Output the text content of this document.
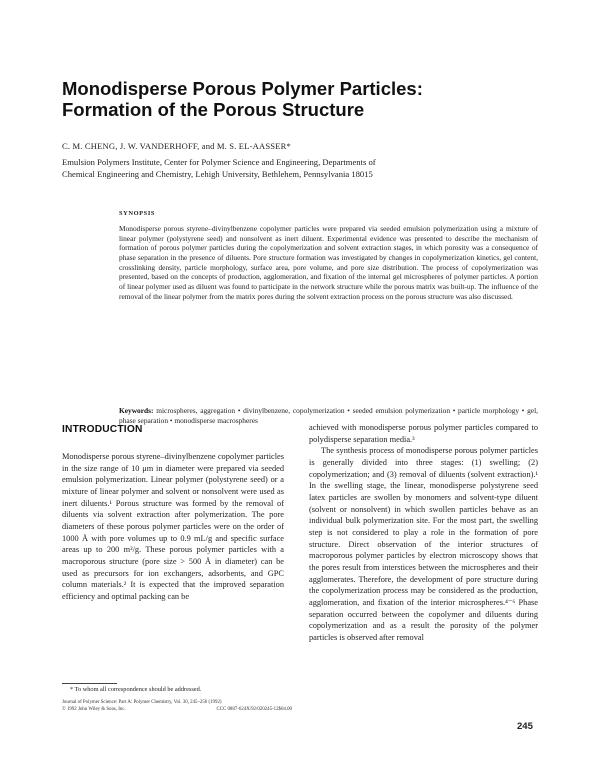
Monodisperse Porous Polymer Particles:
Formation of the Porous Structure
C. M. CHENG, J. W. VANDERHOFF, and M. S. EL-AASSER*
Emulsion Polymers Institute, Center for Polymer Science and Engineering, Departments of
Chemical Engineering and Chemistry, Lehigh University, Bethlehem, Pennsylvania 18015
SYNOPSIS
Monodisperse porous styrene–divinylbenzene copolymer particles were prepared via seeded emulsion polymerization using a mixture of linear polymer (polystyrene seed) and nonsolvent as inert diluent. Experimental evidence was presented to describe the mechanism of formation of porous polymer particles during the copolymerization and solvent extraction stages, in which porosity was a consequence of phase separation in the presence of diluents. Pore structure formation was investigated by changes in copolymerization kinetics, gel content, crosslinking density, particle morphology, surface area, pore volume, and pore size distribution. The process of copolymerization was presented, based on the concepts of production, agglomeration, and fixation of the internal gel microspheres of polymer particles. A portion of linear polymer used as diluent was found to participate in the network structure while the porous matrix was built-up. The influence of the removal of the linear polymer from the matrix pores during the solvent extraction process on the porous structure was also discussed.
Keywords: microspheres, aggregation • divinylbenzene, copolymerization • seeded emulsion polymerization • particle morphology • gel, phase separation • monodisperse macrospheres
INTRODUCTION
Monodisperse porous styrene–divinylbenzene copolymer particles in the size range of 10 μm in diameter were prepared via seeded emulsion polymerization. Linear polymer (polystyrene seed) or a mixture of linear polymer and solvent or nonsolvent were used as inert diluents.¹ Porous structure was formed by the removal of diluents via solvent extraction after polymerization. The pore diameters of these porous polymer particles were on the order of 1000 Å with pore volumes up to 0.9 mL/g and specific surface areas up to 200 m²/g. These porous polymer particles with a macroporous structure (pore size > 500 Å in diameter) can be used as precursors for ion exchangers, adsorbents, and GPC column materials.² It is expected that the improved separation efficiency and optimal packing can be
achieved with monodisperse porous polymer particles compared to polydisperse separation media.³
The synthesis process of monodisperse porous polymer particles is generally divided into three stages: (1) swelling; (2) copolymerization; and (3) removal of diluents (solvent extraction).¹ In the swelling stage, the linear, monodisperse polystyrene seed latex particles are swollen by monomers and solvent-type diluent (solvent or nonsolvent) in which swollen particles behave as an individual bulk polymerization site. For the most part, the swelling step is not considered to play a role in the formation of pore structure. Direct observation of the interior structures of macroporous polymer particles by electron microscopy shows that the pores result from interstices between the microspheres and their agglomerates. Therefore, the development of pore structure during the copolymerization process may be considered as the production, agglomeration, and fixation of the interior microspheres.⁴⁻⁶ Phase separation occurred between the copolymer and diluents during copolymerization and as a result the porosity of the polymer particles is observed after removal
* To whom all correspondence should be addressed.
Journal of Polymer Science: Part A: Polymer Chemistry, Vol. 30, 245–256 (1992)
© 1992 John Wiley & Sons, Inc.	CCC 0887-624X/92/020245-12$04.00
245
